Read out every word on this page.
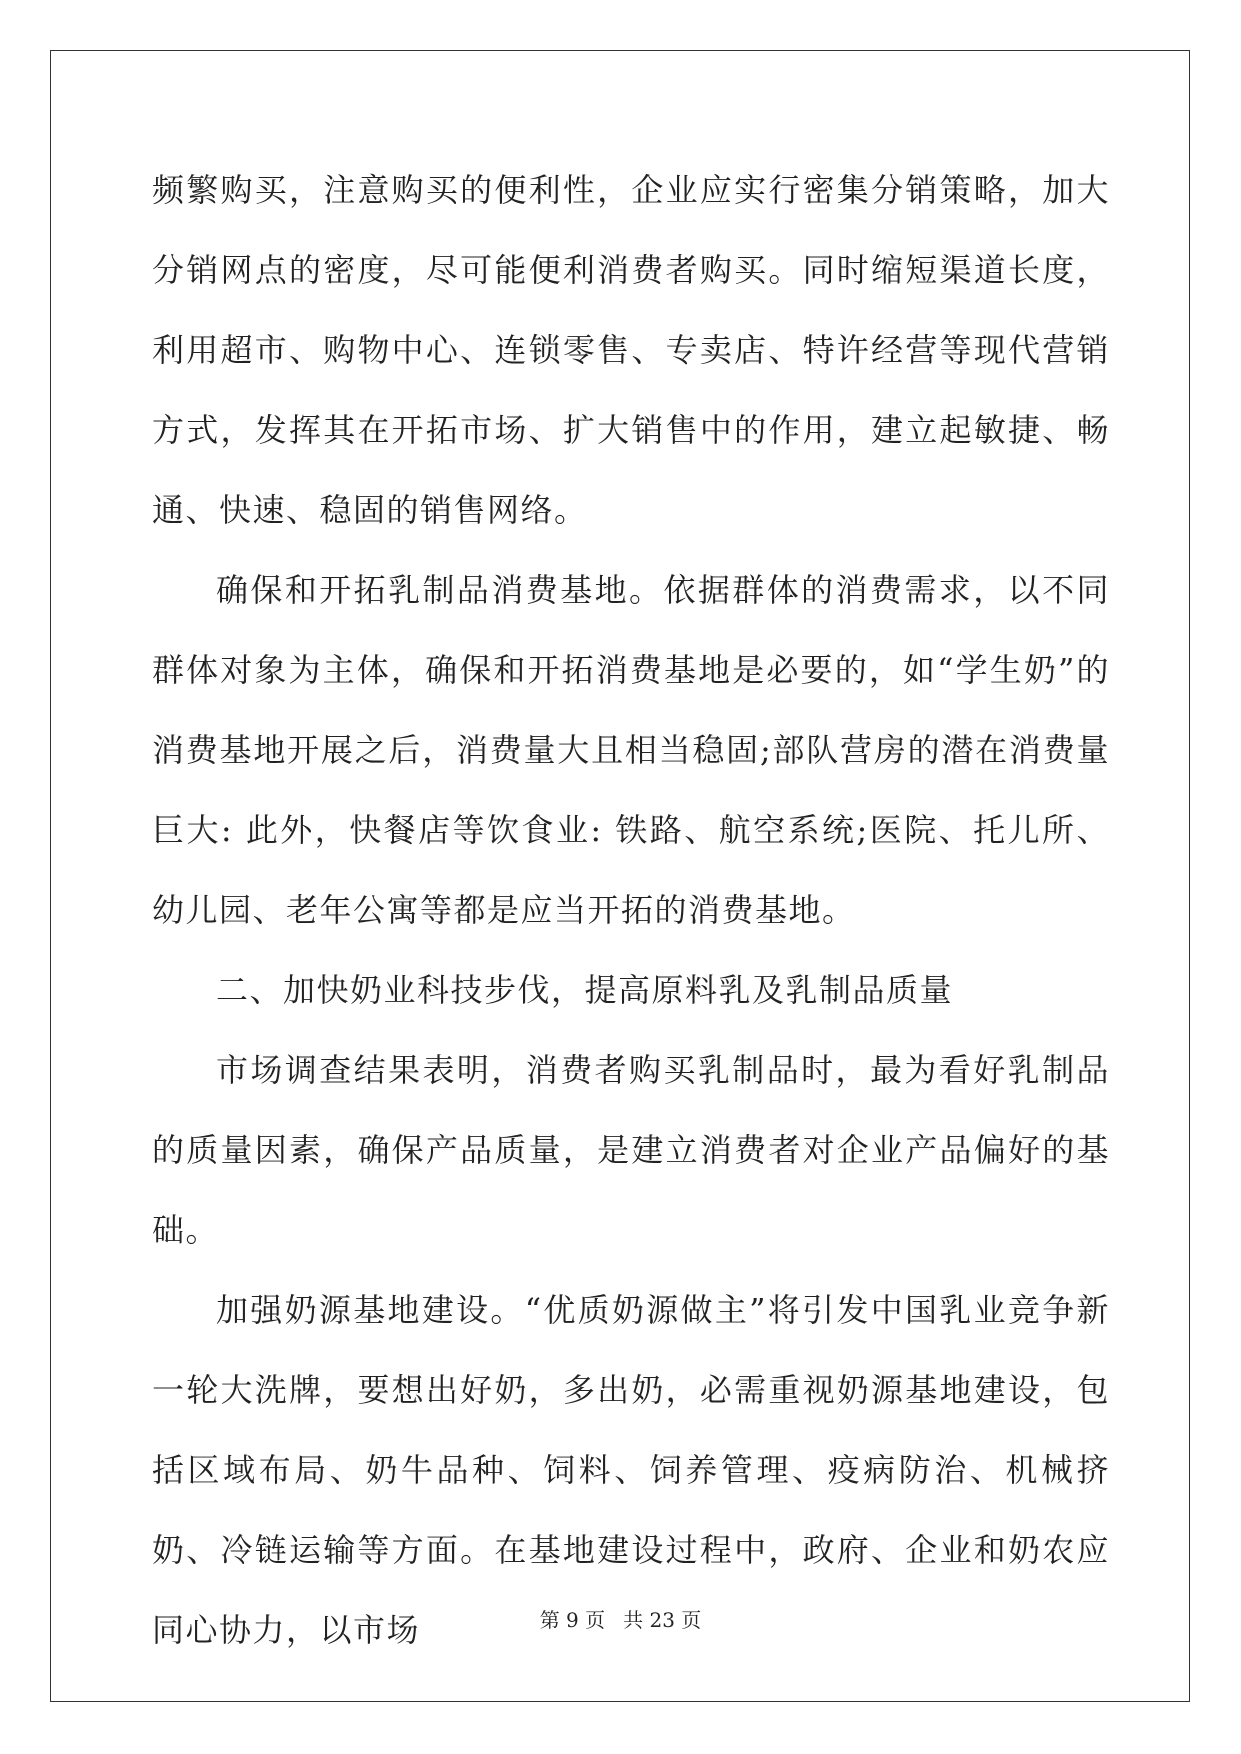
频繁购买，注意购买的便利性，企业应实行密集分销策略，加大分销网点的密度，尽可能便利消费者购买。同时缩短渠道长度，利用超市、购物中心、连锁零售、专卖店、特许经营等现代营销方式，发挥其在开拓市场、扩大销售中的作用，建立起敏捷、畅通、快速、稳固的销售网络。

确保和开拓乳制品消费基地。依据群体的消费需求，以不同群体对象为主体，确保和开拓消费基地是必要的，如“学生奶”的消费基地开展之后，消费量大且相当稳固;部队营房的潜在消费量巨大: 此外，快餐店等饮食业: 铁路、航空系统;医院、托儿所、幼儿园、老年公寓等都是应当开拓的消费基地。

二、加快奶业科技步伐，提高原料乳及乳制品质量

市场调查结果表明，消费者购买乳制品时，最为看好乳制品的质量因素，确保产品质量，是建立消费者对企业产品偏好的基础。

加强奶源基地建设。“优质奶源做主”将引发中国乳业竞争新一轮大洗牌，要想出好奶，多出奶，必需重视奶源基地建设，包括区域布局、奶牛品种、饲料、饲养管理、疫病防治、机械挤奶、冷链运输等方面。在基地建设过程中，政府、企业和奶农应同心协力，以市场	第 9 页 共 23 页
